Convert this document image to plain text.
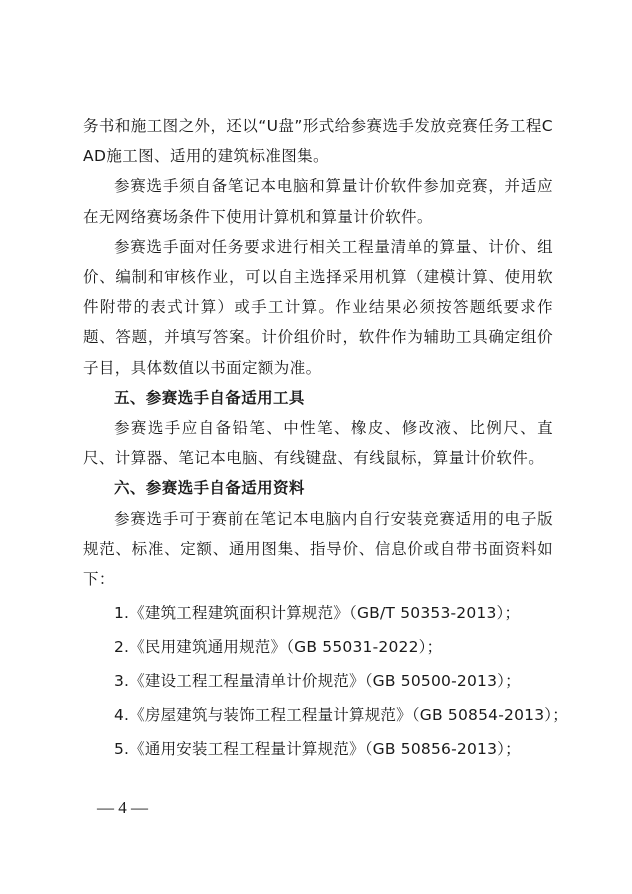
务书和施工图之外，还以“U盘”形式给参赛选手发放竞赛任务工程CAD施工图、适用的建筑标准图集。

参赛选手须自备笔记本电脑和算量计价软件参加竞赛，并适应在无网络赛场条件下使用计算机和算量计价软件。

参赛选手面对任务要求进行相关工程量清单的算量、计价、组价、编制和审核作业，可以自主选择采用机算（建模计算、使用软件附带的表式计算）或手工计算。作业结果必须按答题纸要求作题、答题，并填写答案。计价组价时，软件作为辅助工具确定组价子目，具体数值以书面定额为准。

五、参赛选手自备适用工具

参赛选手应自备铅笔、中性笔、橡皮、修改液、比例尺、直尺、计算器、笔记本电脑、有线键盘、有线鼠标，算量计价软件。

六、参赛选手自备适用资料

参赛选手可于赛前在笔记本电脑内自行安装竞赛适用的电子版规范、标准、定额、通用图集、指导价、信息价或自带书面资料如下：

1.《建筑工程建筑面积计算规范》（GB/T 50353-2013）；

2.《民用建筑通用规范》（GB 55031-2022）；

3.《建设工程工程量清单计价规范》（GB 50500-2013）；

4.《房屋建筑与装饰工程工程量计算规范》（GB 50854-2013）；

5.《通用安装工程工程量计算规范》（GB 50856-2013）；

— 4 —
